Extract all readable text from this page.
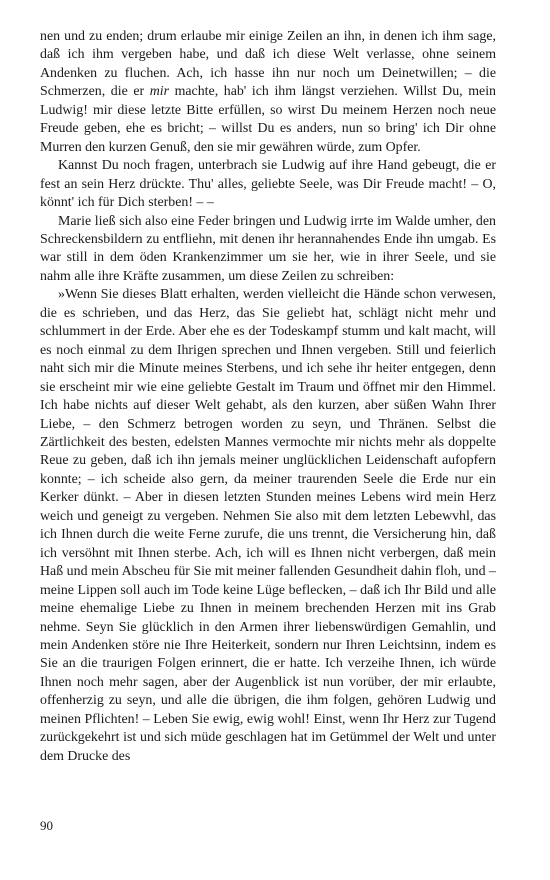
nen und zu enden; drum erlaube mir einige Zeilen an ihn, in denen ich ihm sage, daß ich ihm vergeben habe, und daß ich diese Welt verlasse, ohne seinem Andenken zu fluchen. Ach, ich hasse ihn nur noch um Deinetwillen; – die Schmerzen, die er mir machte, hab' ich ihm längst verziehen. Willst Du, mein Ludwig! mir diese letzte Bitte erfüllen, so wirst Du meinem Herzen noch neue Freude geben, ehe es bricht; – willst Du es anders, nun so bring' ich Dir ohne Murren den kurzen Genuß, den sie mir gewähren würde, zum Opfer.

Kannst Du noch fragen, unterbrach sie Ludwig auf ihre Hand gebeugt, die er fest an sein Herz drückte. Thu' alles, geliebte Seele, was Dir Freude macht! – O, könnt' ich für Dich sterben! – –

Marie ließ sich also eine Feder bringen und Ludwig irrte im Walde umher, den Schreckensbildern zu entfliehn, mit denen ihr herannahendes Ende ihn umgab. Es war still in dem öden Krankenzimmer um sie her, wie in ihrer Seele, und sie nahm alle ihre Kräfte zusammen, um diese Zeilen zu schreiben:

»Wenn Sie dieses Blatt erhalten, werden vielleicht die Hände schon verwesen, die es schrieben, und das Herz, das Sie geliebt hat, schlägt nicht mehr und schlummert in der Erde. Aber ehe es der Todeskampf stumm und kalt macht, will es noch einmal zu dem Ihrigen sprechen und Ihnen vergeben. Still und feierlich naht sich mir die Minute meines Sterbens, und ich sehe ihr heiter entgegen, denn sie erscheint mir wie eine geliebte Gestalt im Traum und öffnet mir den Himmel. Ich habe nichts auf dieser Welt gehabt, als den kurzen, aber süßen Wahn Ihrer Liebe, – den Schmerz betrogen worden zu seyn, und Thränen. Selbst die Zärtlichkeit des besten, edelsten Mannes vermochte mir nichts mehr als doppelte Reue zu geben, daß ich ihn jemals meiner unglücklichen Leidenschaft aufopfern konnte; – ich scheide also gern, da meiner traurenden Seele die Erde nur ein Kerker dünkt. – Aber in diesen letzten Stunden meines Lebens wird mein Herz weich und geneigt zu vergeben. Nehmen Sie also mit dem letzten Lebewvhl, das ich Ihnen durch die weite Ferne zurufe, die uns trennt, die Versicherung hin, daß ich versöhnt mit Ihnen sterbe. Ach, ich will es Ihnen nicht verbergen, daß mein Haß und mein Abscheu für Sie mit meiner fallenden Gesundheit dahin floh, und – meine Lippen soll auch im Tode keine Lüge beflecken, – daß ich Ihr Bild und alle meine ehemalige Liebe zu Ihnen in meinem brechenden Herzen mit ins Grab nehme. Seyn Sie glücklich in den Armen ihrer liebenswürdigen Gemahlin, und mein Andenken störe nie Ihre Heiterkeit, sondern nur Ihren Leichtsinn, indem es Sie an die traurigen Folgen erinnert, die er hatte. Ich verzeihe Ihnen, ich würde Ihnen noch mehr sagen, aber der Augenblick ist nun vorüber, der mir erlaubte, offenherzig zu seyn, und alle die übrigen, die ihm folgen, gehören Ludwig und meinen Pflichten! – Leben Sie ewig, ewig wohl! Einst, wenn Ihr Herz zur Tugend zurückgekehrt ist und sich müde geschlagen hat im Getümmel der Welt und unter dem Drucke des

90
